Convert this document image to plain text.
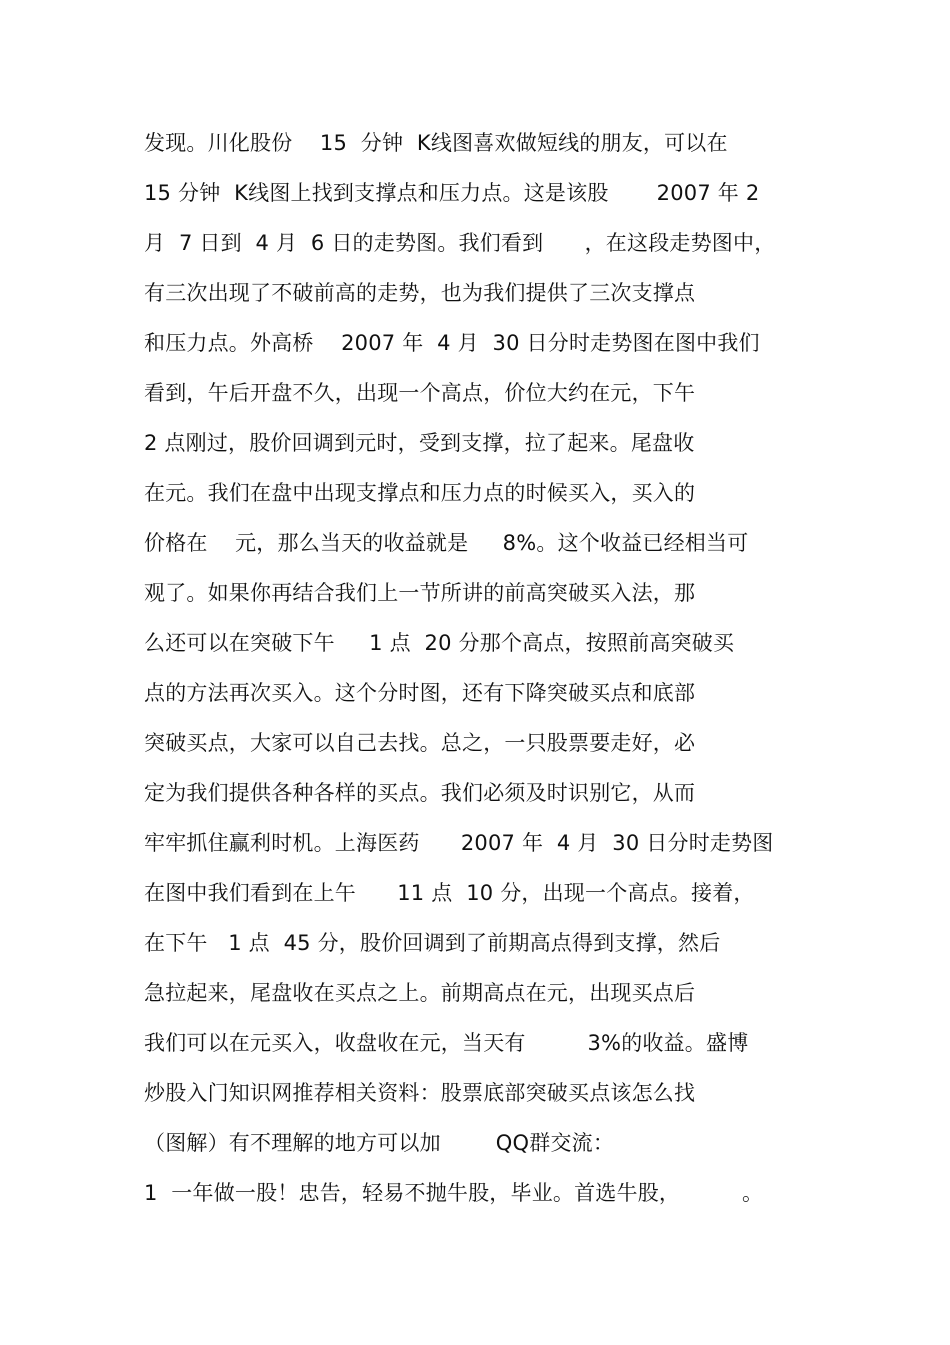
发现。川化股份    15  分钟  K线图喜欢做短线的朋友，可以在
15 分钟  K线图上找到支撑点和压力点。这是该股       2007 年 2
月  7 日到  4 月  6 日的走势图。我们看到      ，在这段走势图中，
有三次出现了不破前高的走势，也为我们提供了三次支撑点
和压力点。外高桥    2007 年  4 月  30 日分时走势图在图中我们
看到，午后开盘不久，出现一个高点，价位大约在元，下午
2 点刚过，股价回调到元时，受到支撑，拉了起来。尾盘收
在元。我们在盘中出现支撑点和压力点的时候买入，买入的
价格在    元，那么当天的收益就是     8%。这个收益已经相当可
观了。如果你再结合我们上一节所讲的前高突破买入法，那
么还可以在突破下午     1 点  20 分那个高点，按照前高突破买
点的方法再次买入。这个分时图，还有下降突破买点和底部
突破买点，大家可以自己去找。总之，一只股票要走好，必
定为我们提供各种各样的买点。我们必须及时识别它，从而
牢牢抓住赢利时机。上海医药      2007 年  4 月  30 日分时走势图
在图中我们看到在上午      11 点  10 分，出现一个高点。接着，
在下午   1 点  45 分，股价回调到了前期高点得到支撑，然后
急拉起来，尾盘收在买点之上。前期高点在元，出现买点后
我们可以在元买入，收盘收在元，当天有         3%的收益。盛博
炒股入门知识网推荐相关资料：股票底部突破买点该怎么找
（图解）有不理解的地方可以加        QQ群交流：
1  一年做一股！忠告，轻易不抛牛股，毕业。首选牛股，         。
